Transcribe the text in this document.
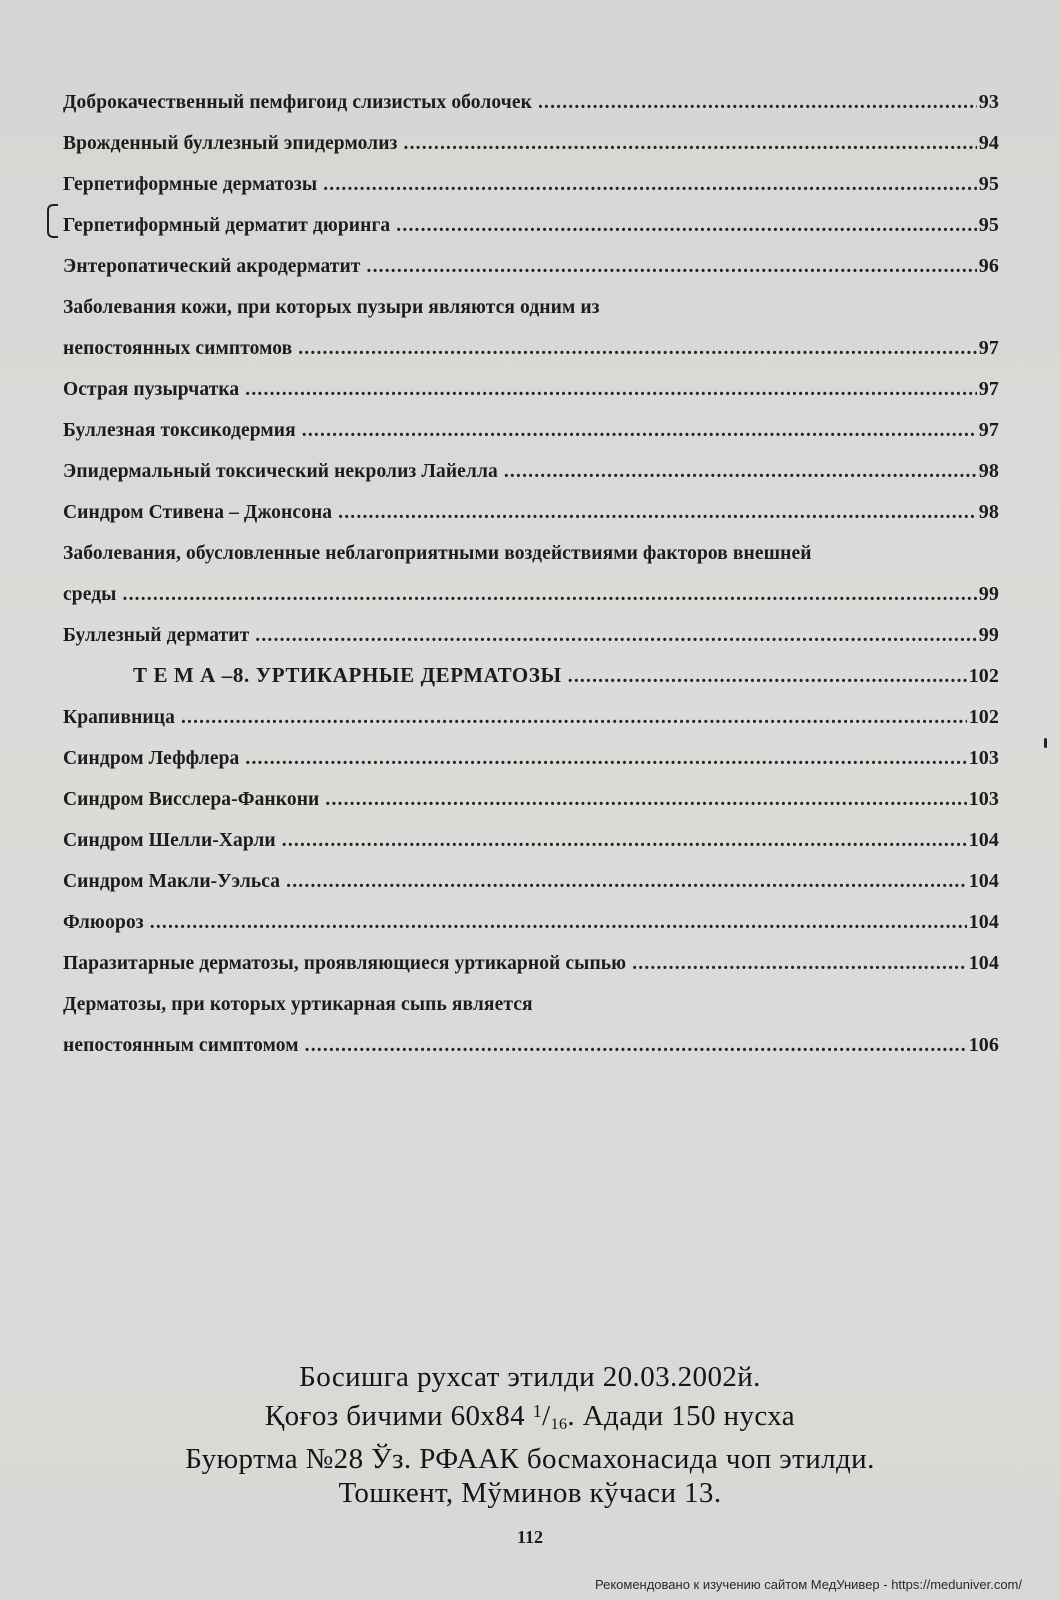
Доброкачественный пемфигоид слизистых оболочек .....	93
Врожденный буллезный эпидермолиз .....	94
Герпетиформные дерматозы .....	95
Герпетиформный дерматит дюринга .....	95
Энтеропатический акродерматит .....	96
Заболевания кожи, при которых пузыри являются одним из
непостоянных симптомов .....	97
Острая пузырчатка .....	97
Буллезная токсикодермия .....	97
Эпидермальный токсический некролиз Лайелла .....	98
Синдром Стивена – Джонсона .....	98
Заболевания, обусловленные неблагоприятными воздействиями факторов внешней
среды .....	99
Буллезный дерматит .....	99
Т Е М А –8. УРТИКАРНЫЕ ДЕРМАТОЗЫ .....	102
Крапивница .....	102
Синдром Леффлера .....	103
Синдром Висслера-Фанкони .....	103
Синдром Шелли-Харли .....	104
Синдром Макли-Уэльса .....	104
Флюороз .....	104
Паразитарные дерматозы, проявляющиеся уртикарной сыпью .....	104
Дерматозы, при которых уртикарная сыпь является
непостоянным симптомом .....	106
Босишга рухсат этилди 20.03.2002й.
Қоғоз бичими 60х84 $^1$/16. Адади 150 нусха
Буюртма №28 Ўз. РФААК босмахонасида чоп этилди.
Тошкент, Мўминов кўчаси 13.
112
Рекомендовано к изучению сайтом МедУнивер - https://meduniver.com/
